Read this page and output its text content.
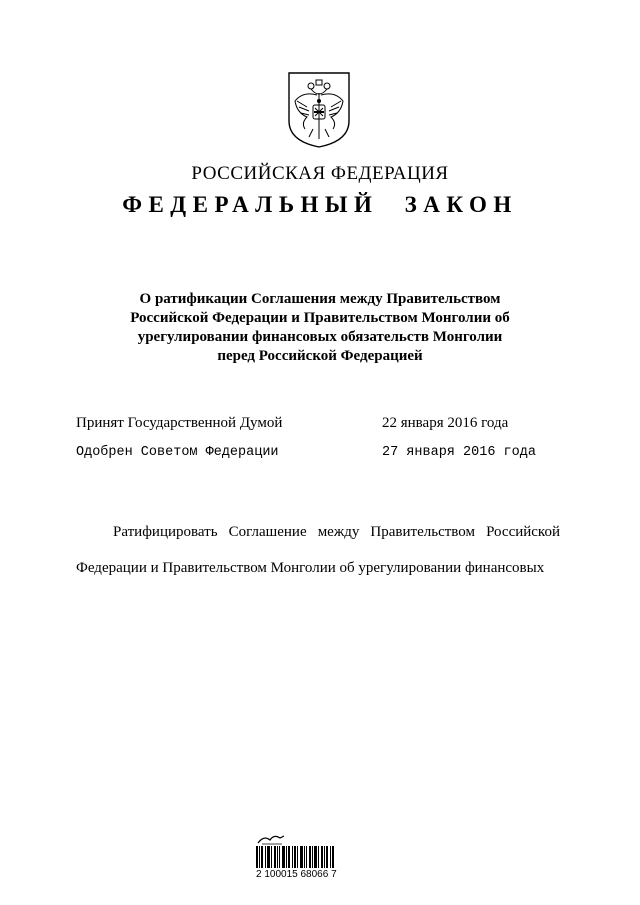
РОССИЙСКАЯ ФЕДЕРАЦИЯ
ФЕДЕРАЛЬНЫЙ ЗАКОН
О ратификации Соглашения между Правительством
Российской Федерации и Правительством Монголии об
урегулировании финансовых обязательств Монголии
перед Российской Федерацией
Принят Государственной Думой	22 января 2016 года
Одобрен Советом Федерации	27 января 2016 года
Ратифицировать Соглашение между Правительством Российской Федерации и Правительством Монголии об урегулировании финансовых
2 100015 68066 7
